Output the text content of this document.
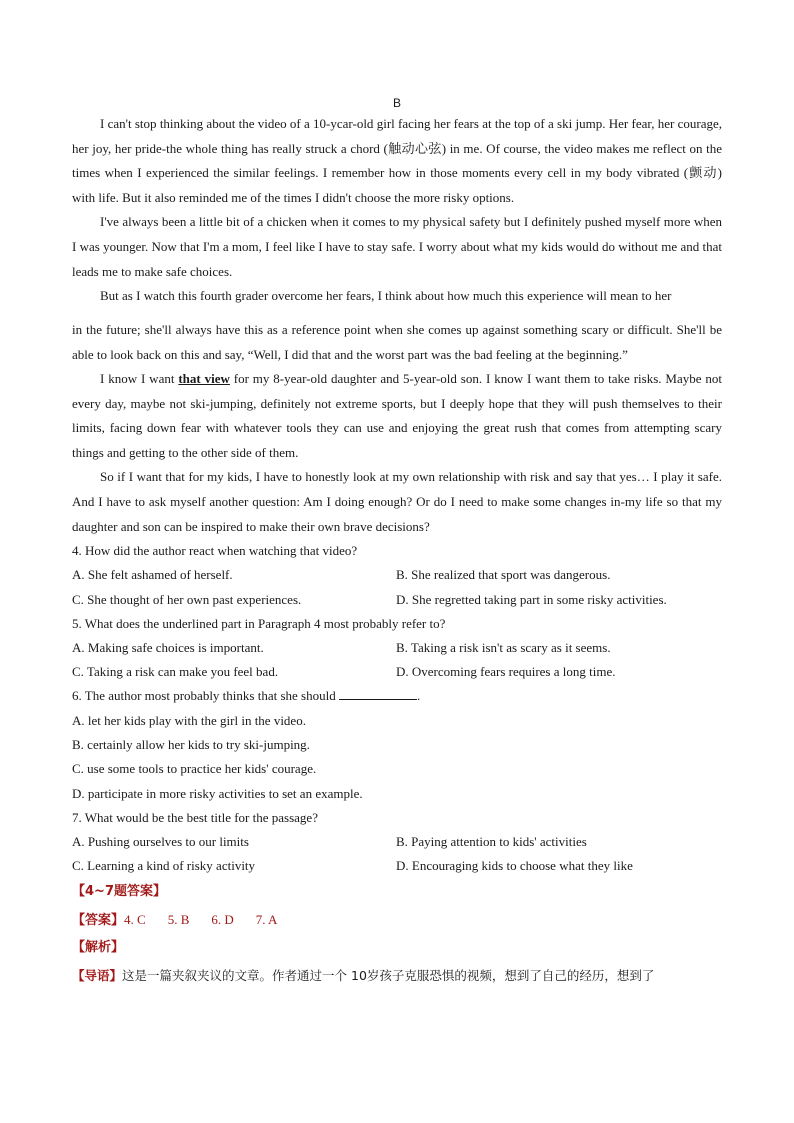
B

I can't stop thinking about the video of a 10-ycar-old girl facing her fears at the top of a ski jump. Her fear, her courage, her joy, her pride-the whole thing has really struck a chord (触动心弦) in me. Of course, the video makes me reflect on the times when I experienced the similar feelings. I remember how in those moments every cell in my body vibrated (颤动) with life. But it also reminded me of the times I didn't choose the more risky options.

I've always been a little bit of a chicken when it comes to my physical safety but I definitely pushed myself more when I was younger. Now that I'm a mom, I feel like I have to stay safe. I worry about what my kids would do without me and that leads me to make safe choices.

But as I watch this fourth grader overcome her fears, I think about how much this experience will mean to her
in the future; she'll always have this as a reference point when she comes up against something scary or difficult. She'll be able to look back on this and say, “Well, I did that and the worst part was the bad feeling at the beginning.”

I know I want that view for my 8-year-old daughter and 5-year-old son. I know I want them to take risks. Maybe not every day, maybe not ski-jumping, definitely not extreme sports, but I deeply hope that they will push themselves to their limits, facing down fear with whatever tools they can use and enjoying the great rush that comes from attempting scary things and getting to the other side of them.

So if I want that for my kids, I have to honestly look at my own relationship with risk and say that yes… I play it safe. And I have to ask myself another question: Am I doing enough? Or do I need to make some changes in-my life so that my daughter and son can be inspired to make their own brave decisions?

4. How did the author react when watching that video?

A. She felt ashamed of herself.	B. She realized that sport was dangerous.
C. She thought of her own past experiences.	D. She regretted taking part in some risky activities.

5. What does the underlined part in Paragraph 4 most probably refer to?

A. Making safe choices is important.	B. Taking a risk isn't as scary as it seems.
C. Taking a risk can make you feel bad.	D. Overcoming fears requires a long time.

6. The author most probably thinks that she should	.

A. let her kids play with the girl in the video.
B. certainly allow her kids to try ski-jumping.
C. use some tools to practice her kids' courage.
D. participate in more risky activities to set an example.

7. What would be the best title for the passage?

A. Pushing ourselves to our limits	B. Paying attention to kids' activities
C. Learning a kind of risky activity	D. Encouraging kids to choose what they like
【4~7题答案】
【答案】4. C 5. B 6. D 7. A
【解析】
【导语】这是一篇夹叙夹议的文章。作者通过一个 10岁孩子克服恐惧的视频，想到了自己的经历，想到了
